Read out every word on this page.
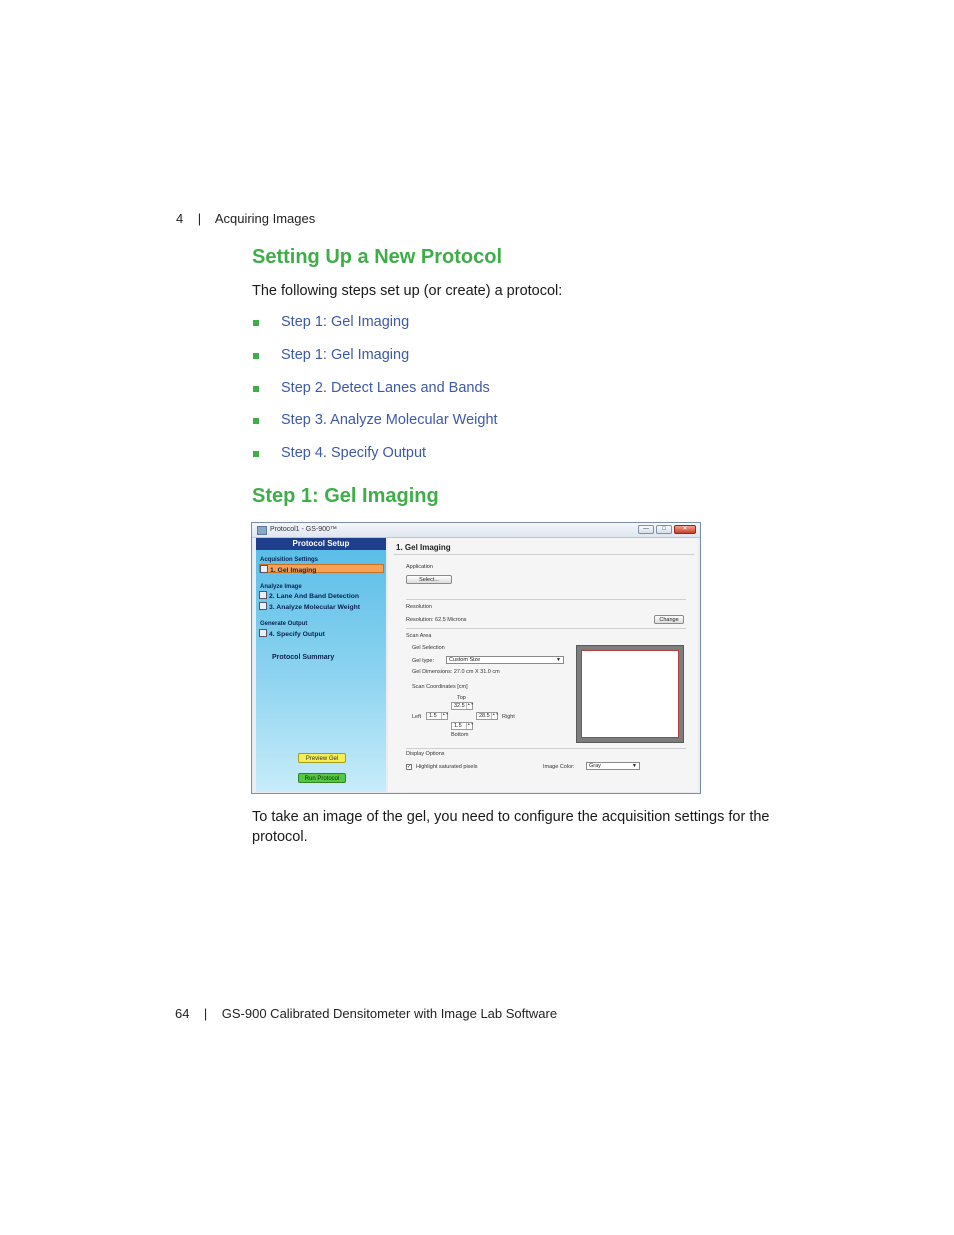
4 | Acquiring Images
Setting Up a New Protocol
The following steps set up (or create) a protocol:
Step 1: Gel Imaging
Step 1: Gel Imaging
Step 2. Detect Lanes and Bands
Step 3. Analyze Molecular Weight
Step 4. Specify Output
Step 1: Gel Imaging
Protocol1 - GS-900™	—	□	✕
Protocol Setup
Acquisition Settings
1. Gel Imaging
Analyze Image
2. Lane And Band Detection
3. Analyze Molecular Weight
Generate Output
4. Specify Output
Protocol Summary
Preview Gel
Run Protocol
1. Gel Imaging
Application
Select...
Resolution
Resolution: 62.5 Microns	Change
Scan Area
Gel Selection
Gel type:	Custom Size	▼
Gel Dimensions: 27.0 cm X 31.0 cm
Scan Coordinates [cm]
Top
32.5 ▲▼
Left	1.5 ▲▼	28.5 ▲▼ Right
1.5 ▲▼
Bottom
Display Options
✓ Highlight saturated pixels	Image Color:	Gray	▼
To take an image of the gel, you need to configure the acquisition settings for the protocol.
64 | GS-900 Calibrated Densitometer with Image Lab Software
